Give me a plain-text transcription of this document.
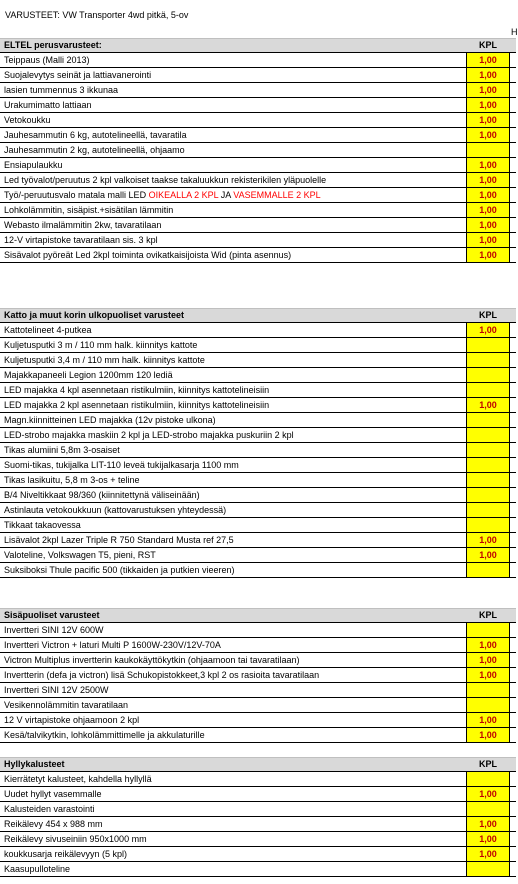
VARUSTEET: VW Transporter 4wd pitkä, 5-ov
H
ELTEL perusvarusteet:	KPL
Teippaus (Malli 2013)	1,00
Suojalevytys seinät ja lattiavanerointi	1,00
lasien tummennus 3 ikkunaa	1,00
Urakumimatto lattiaan	1,00
Vetokoukku	1,00
Jauhesammutin 6 kg, autotelineellä, tavaratila	1,00
Jauhesammutin 2 kg, autotelineellä, ohjaamo
Ensiapulaukku	1,00
Led työvalot/peruutus 2 kpl valkoiset taakse takaluukkun rekisterikilen yläpuolelle	1,00
Työ/-peruutusvalo matala malli LED OIKEALLA 2 KPL JA VASEMMALLE 2 KPL	1,00
Lohkolämmitin, sisäpist.+sisätilan lämmitin	1,00
Webasto ilmalämmitin 2kw, tavaratilaan	1,00
12-V virtapistoke tavaratilaan sis. 3 kpl	1,00
Sisävalot pyöreät Led 2kpl toiminta ovikatkaisijoista Wid (pinta asennus)	1,00
Katto ja muut korin ulkopuoliset varusteet	KPL
Kattotelineet 4-putkea	1,00
Kuljetusputki 3 m / 110 mm halk. kiinnitys kattote
Kuljetusputki 3,4 m / 110 mm halk. kiinnitys kattote
Majakkapaneeli Legion 1200mm 120 lediä
LED majakka 4 kpl asennetaan ristikulmiin, kiinnitys kattotelineisiin
LED majakka 2 kpl asennetaan ristikulmiin, kiinnitys kattotelineisiin	1,00
Magn.kiinnitteinen LED majakka (12v pistoke ulkona)
LED-strobo majakka maskiin 2 kpl ja LED-strobo majakka puskuriin 2 kpl
Tikas alumiini 5,8m 3-osaiset
Suomi-tikas, tukijalka LIT-110 leveä tukijalkasarja 1100 mm
Tikas lasikuitu, 5,8 m 3-os + teline
B/4 Niveltikkaat 98/360 (kiinnitettynä väliseinään)
Astinlauta vetokoukkuun (kattovarustuksen yhteydessä)
Tikkaat takaovessa
Lisävalot 2kpl Lazer Triple R 750 Standard Musta ref 27,5	1,00
Valoteline, Volkswagen T5, pieni, RST	1,00
Suksiboksi Thule pacific 500 (tikkaiden ja putkien vieeren)
Sisäpuoliset varusteet	KPL
Invertteri SINI 12V 600W
Invertteri Victron + laturi Multi P 1600W-230V/12V-70A	1,00
Victron Multiplus invertterin kaukokäyttökytkin (ohjaamoon tai tavaratilaan)	1,00
Invertterin (defa ja victron) lisä Schukopistokkeet,3 kpl 2 os rasioita tavaratilaan	1,00
Invertteri SINI 12V 2500W
Vesikennolämmitin tavaratilaan
12 V virtapistoke ohjaamoon 2 kpl	1,00
Kesä/talvikytkin, lohkolämmittimelle ja akkulaturille	1,00
Hyllykalusteet	KPL
Kierrätetyt kalusteet, kahdella hyllyllä
Uudet hyllyt vasemmalle	1,00
Kalusteiden varastointi
Reikälevy 454 x 988 mm	1,00
Reikälevy sivuseiniin 950x1000 mm	1,00
koukkusarja reikälevyyn (5 kpl)	1,00
Kaasupulloteline
